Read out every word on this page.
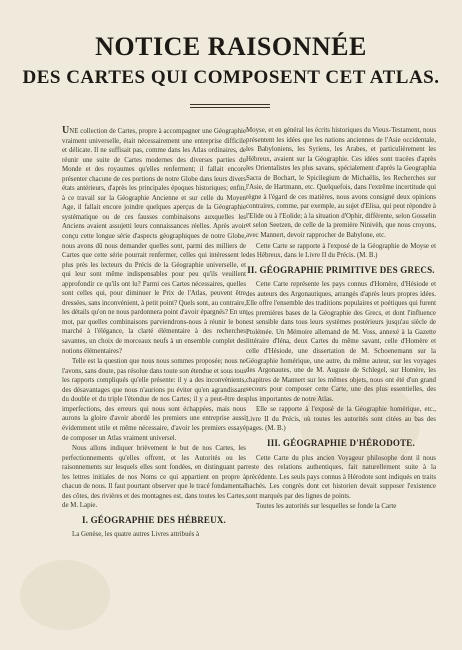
NOTICE RAISONNÉE
DES CARTES QUI COMPOSENT CET ATLAS.

UNE collection de Cartes, propre à accompagner une Géographie vraiment universelle, était nécessairement une entreprise difficile et délicate. Il ne suffisait pas, comme dans les Atlas ordinaires, de réunir une suite de Cartes modernes des diverses parties du Monde et des royaumes qu'elles renferment; il fallait encore présenter chacune de ces portions de notre Globe dans leurs divers états antérieurs, d'après les principales époques historiques; enfin, à ce travail sur la Géographie Ancienne et sur celle du Moyen Age, il fallait encore joindre quelques aperçus de la Géographie systématique ou de ces fausses combinaisons auxquelles les Anciens avaient assujetti leurs connaissances réelles. Après avoir conçu cette longue série d'aspects géographiques de notre Globe, nous avons dû nous demander quelles sont, parmi des milliers de Cartes que cette série pourrait renfermer, celles qui intéressent le plus près les lecteurs du Précis de la Géographie universelle, et qui leur sont même indispensables pour peu qu'ils veuillent approfondir ce qu'ils ont lu? Parmi ces Cartes nécessaires, quelles sont celles qui, pour diminuer le Prix de l'Atlas, peuvent être dressées, sans inconvénient, à petit point? Quels sont, au contraire, les détails qu'on ne nous pardonnera point d'avoir épargnés? En un mot, par quelles combinaisons parviendrons-nous à réunir le bon marché à l'élégance, la clarté élémentaire à des recherches savantes, un choix de morceaux neufs à un ensemble complet des notions élémentaires?

Telle est la question que nous nous sommes proposée; nous ne l'avons, sans doute, pas résolue dans toute son étendue et sous tous les rapports compliqués qu'elle présente: il y a des inconvénients, des désavantages que nous n'aurions pu éviter qu'en agrandissant du double et du triple l'étendue de nos Cartes; il y a peut-être des imperfections, des erreurs qui nous sont échappées, mais nous aurons la gloire d'avoir abordé les premiers une entreprise aussi évidemment utile et même nécessaire, d'avoir les premiers essayé de composer un Atlas vraiment universel.

Nous allons indiquer brièvement le but de nos Cartes, les perfectionnements qu'elles offrent, et les Autorités ou les raisonnements sur lesquels elles sont fondées, en distinguant par les lettres initiales de nos Noms ce qui appartient en propre à chacun de nous. Il faut pourtant observer que le tracé fondamental des côtes, des rivières et des montagnes est, dans toutes les Cartes, de M. Lapie.

I. GÉOGRAPHIE DES HÉBREUX.

La Genèse, les quatre autres Livres attribués à

Moyse, et en général les écrits historiques du Vieux-Testament, nous présentent les idées que les nations anciennes de l'Asie occidentale, les Babyloniens, les Syriens, les Arabes, et particulièrement les Hébreux, avaient sur la Géographie. Ces idées sont tracées d'après les Orientalistes les plus savans, spécialement d'après la Geographia Sacra de Bochart, le Spicilegium de Michaëlis, les Recherches sur l'Asie, de Hartmann, etc. Quelquefois, dans l'extrême incertitude qui règne à l'égard de ces matières, nous avons consigné deux opinions contraires, comme, par exemple, au sujet d'Elisa, qui peut répondre à l'Elide ou à l'Eolide; à la situation d'Ophir, différente, selon Gosselin et selon Seetzen, de celle de la première Ninivèh, que nous croyons, avec Mannert, devoir rapprocher de Babylone, etc.

Cette Carte se rapporte à l'exposé de la Géographie de Moyse et des Hébreux, dans le Livre II du Précis. (M. B.)

II. GÉOGRAPHIE PRIMITIVE DES GRECS.

Cette Carte représente les pays connus d'Homère, d'Hésiode et des auteurs des Argonautiques, arrangés d'après leurs propres idées. Elle offre l'ensemble des traditions populaires et poétiques qui furent les premières bases de la Géographie des Grecs, et dont l'influence est sensible dans tous leurs systèmes postérieurs jusqu'au siècle de Ptolémée. Un Mémoire allemand de M. Voss, annexé à la Gazette littéraire d'Iéna, deux Cartes du même savant, celle d'Homère et celle d'Hésiode, une dissertation de M. Schoenemann sur la Géographie homérique, une autre, du même auteur, sur les voyages des Argonautes, une de M. Auguste de Schlegel, sur Homère, les chapitres de Mannert sur les mêmes objets, nous ont été d'un grand secours pour composer cette Carte, une des plus essentielles, des plus importantes de notre Atlas.

Elle se rapporte à l'exposé de la Géographie homérique, etc., Livre II du Précis, où toutes les autorités sont citées au bas des pages. (M. B.)

III. GÉOGRAPHIE D'HÉRODOTE.

Cette Carte du plus ancien Voyageur philosophe dont il nous reste des relations authentiques, fait naturellement suite à la précédente. Les seuls pays connus à Hérodote sont indiqués en traits hachés. Les congrès dont cet historien devait supposer l'existence sont marqués par des lignes de points.

Toutes les autorités sur lesquelles se fonde la Carte
